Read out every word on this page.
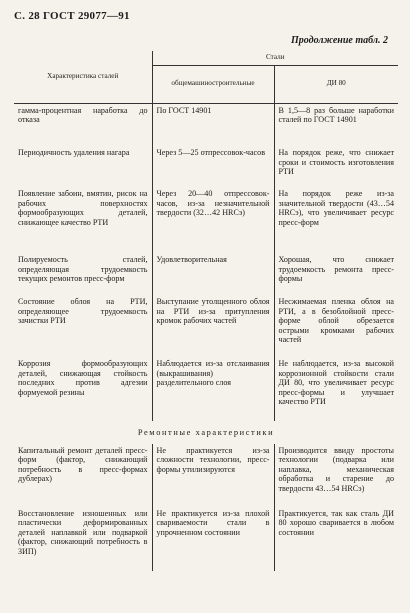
С. 28 ГОСТ 29077—91
Продолжение табл. 2
Характеристика сталей	Стали	
	общемашиностроительные	ДИ 80
гамма-процентная наработка до отказа	По ГОСТ 14901	В 1,5—8 раз больше наработки сталей по ГОСТ 14901
Периодичность удаления нагара	Через 5—25 отпрессовок-часов	На порядок реже, что снижает сроки и стоимость изготовления РТИ
Появление забоин, вмятин, рисок на рабочих поверхностях формообразующих деталей, снижающее качество РТИ	Через 20—40 отпрессовок-часов, из-за незначительной твердости (32…42 HRCэ)	На порядок реже из-за значительной твердости (43…54 HRCэ), что увеличивает ресурс пресс-форм
Полируемость сталей, определяющая трудоемкость текущих ремонтов пресс-форм	Удовлетворительная	Хорошая, что снижает трудоемкость ремонта пресс-формы
Состояние облоя на РТИ, определяющее трудоемкость зачистки РТИ	Выступание утолщенного облоя на РТИ из-за притупления кромок рабочих частей	Несжимаемая пленка облоя на РТИ, а в безоблойной пресс-форме облой обрезается острыми кромками рабочих частей
Коррозия формообразующих деталей, снижающая стойкость последних против адгезии формуемой резины	Наблюдается из-за отслаивания (выкрашивания) разделительного слоя	Не наблюдается, из-за высокой коррозионной стойкости стали ДИ 80, что увеличивает ресурс пресс-формы и улучшает качество РТИ
Ремонтные характеристики		
Капитальный ремонт деталей пресс-форм (фактор, снижающий потребность в пресс-формах дублерах)	Не практикуется из-за сложности технологии, пресс-формы утилизируются	Производится ввиду простоты технологии (подварка или наплавка, механическая обработка и старение до твердости 43…54 HRCэ)
Восстановление изношенных или пластически деформированных деталей наплавкой или подваркой (фактор, снижающий потребность в ЗИП)	Не практикуется из-за плохой свариваемости стали в упрочненном состоянии	Практикуется, так как сталь ДИ 80 хорошо сваривается в любом состоянии
